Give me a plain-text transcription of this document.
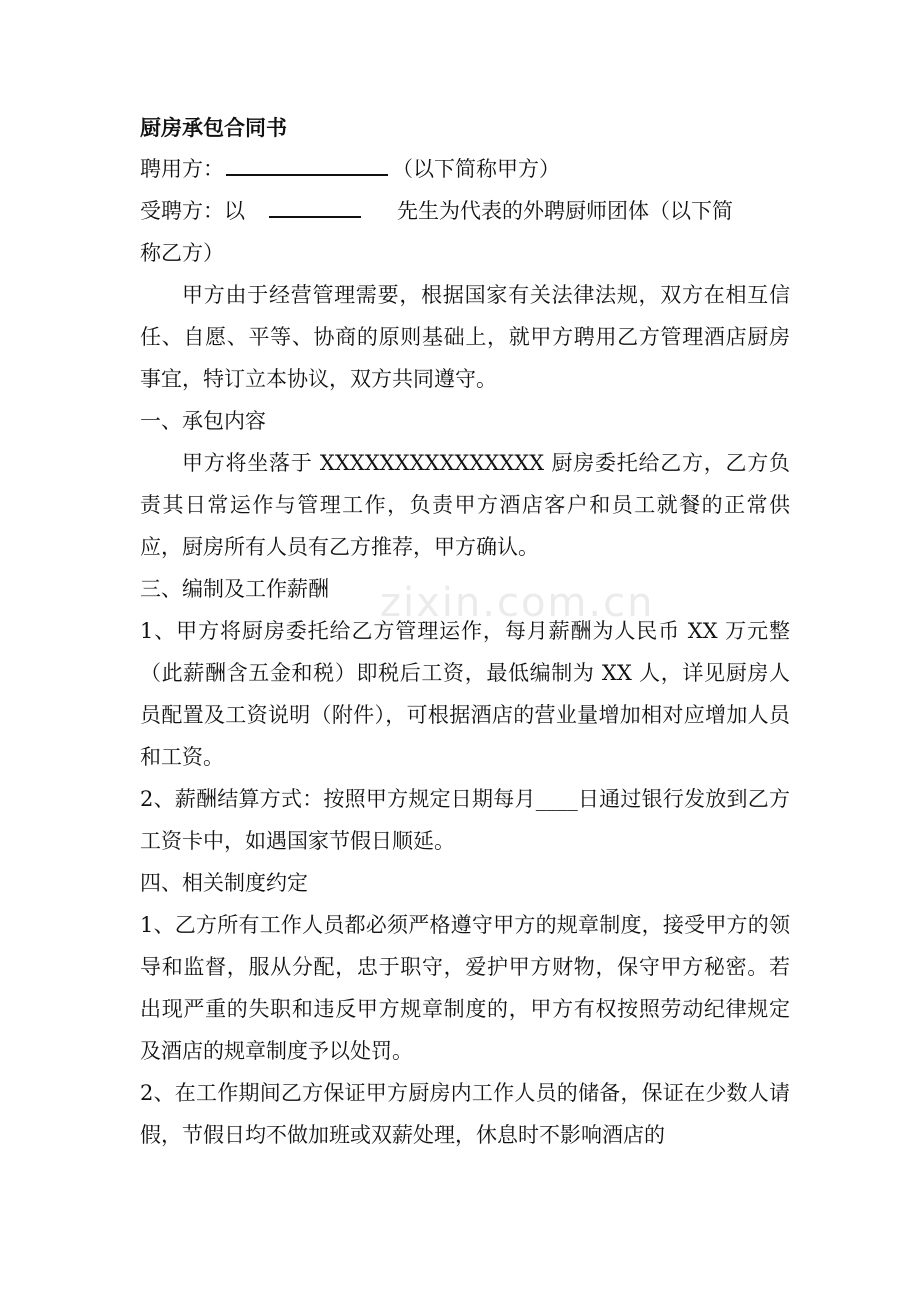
厨房承包合同书

聘用方：	（以下简称甲方）

受聘方：以	先生为代表的外聘厨师团体（以下简

称乙方）

甲方由于经营管理需要，根据国家有关法律法规，双方在相互信任、自愿、平等、协商的原则基础上，就甲方聘用乙方管理酒店厨房事宜，特订立本协议，双方共同遵守。

一、承包内容

甲方将坐落于 XXXXXXXXXXXXXXX 厨房委托给乙方，乙方负责其日常运作与管理工作，负责甲方酒店客户和员工就餐的正常供应，厨房所有人员有乙方推荐，甲方确认。

三、编制及工作薪酬

1、甲方将厨房委托给乙方管理运作，每月薪酬为人民币 XX 万元整（此薪酬含五金和税）即税后工资，最低编制为 XX 人，详见厨房人员配置及工资说明（附件），可根据酒店的营业量增加相对应增加人员和工资。

2、薪酬结算方式：按照甲方规定日期每月____日通过银行发放到乙方工资卡中，如遇国家节假日顺延。

四、相关制度约定

1、乙方所有工作人员都必须严格遵守甲方的规章制度，接受甲方的领导和监督，服从分配，忠于职守，爱护甲方财物，保守甲方秘密。若出现严重的失职和违反甲方规章制度的，甲方有权按照劳动纪律规定及酒店的规章制度予以处罚。

2、在工作期间乙方保证甲方厨房内工作人员的储备，保证在少数人请假，节假日均不做加班或双薪处理，休息时不影响酒店的

zixin.com.cn
